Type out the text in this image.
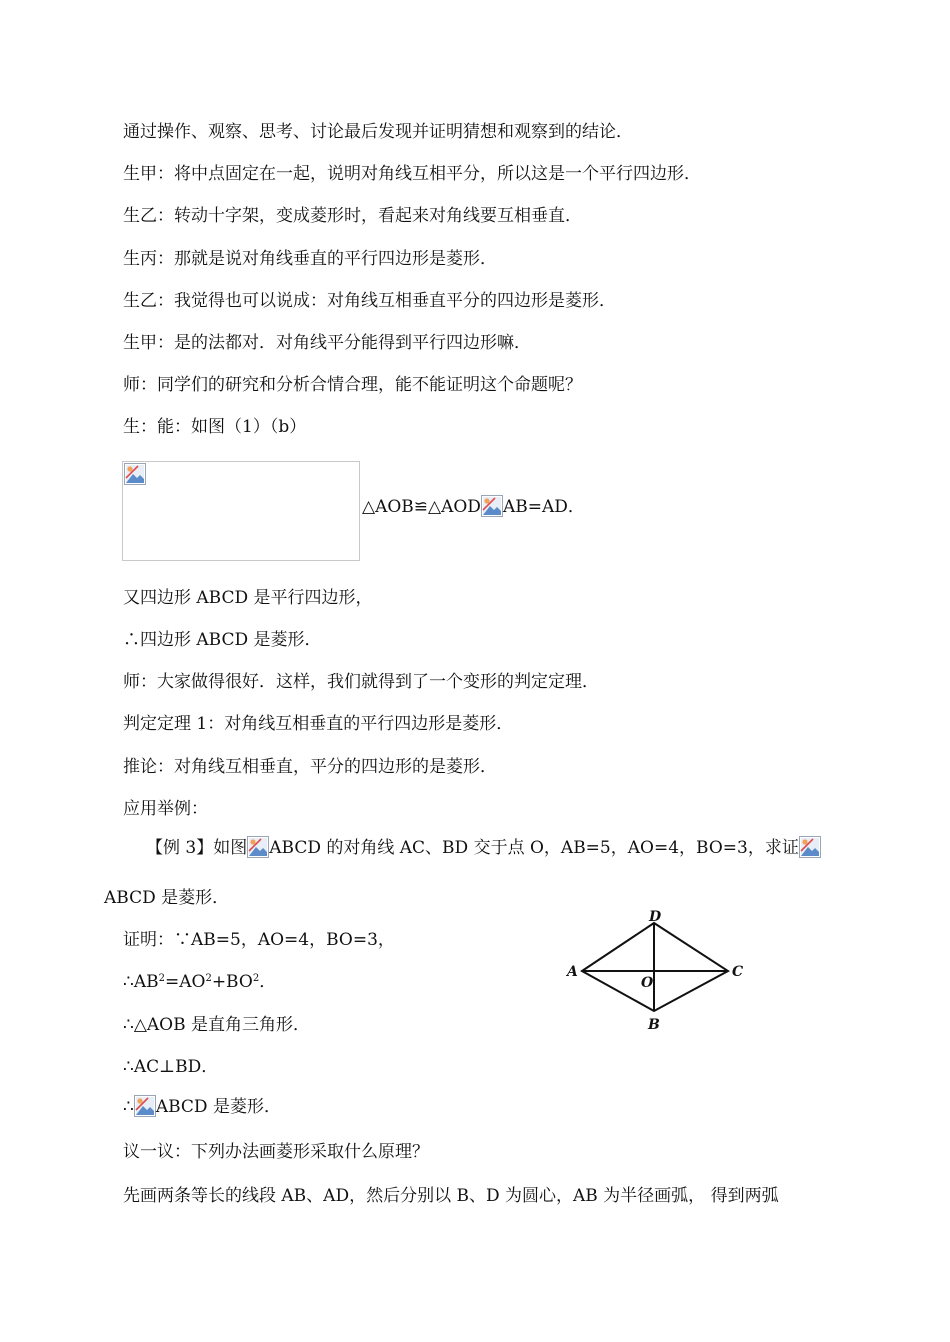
通过操作、观察、思考、讨论最后发现并证明猜想和观察到的结论．
生甲：将中点固定在一起，说明对角线互相平分，所以这是一个平行四边形．
生乙：转动十字架，变成菱形时，看起来对角线要互相垂直．
生丙：那就是说对角线垂直的平行四边形是菱形．
生乙：我觉得也可以说成：对角线互相垂直平分的四边形是菱形．
生甲：是的法都对．对角线平分能得到平行四边形嘛．
师：同学们的研究和分析合情合理，能不能证明这个命题呢？
生：能：如图（1）（b）
△AOB≌△AOD AB=AD．
又四边形 ABCD 是平行四边形，
∴四边形 ABCD 是菱形．
师：大家做得很好．这样，我们就得到了一个变形的判定定理．
判定定理 1：对角线互相垂直的平行四边形是菱形．
推论：对角线互相垂直，平分的四边形的是菱形．
应用举例：
【例 3】如图 ABCD 的对角线 AC、BD 交于点 O，AB=5，AO=4，BO=3，求证
ABCD 是菱形．
证明：∵AB=5，AO=4，BO=3，
$\therefore AB^2=AO^2+BO^2$．
∴△AOB 是直角三角形．
∴AC⊥BD．
∴ ABCD 是菱形．
议一议：下列办法画菱形采取什么原理？
先画两条等长的线段 AB、AD，然后分别以 B、D 为圆心，AB 为半径画弧， 得到两弧
D
A	C
O
B
